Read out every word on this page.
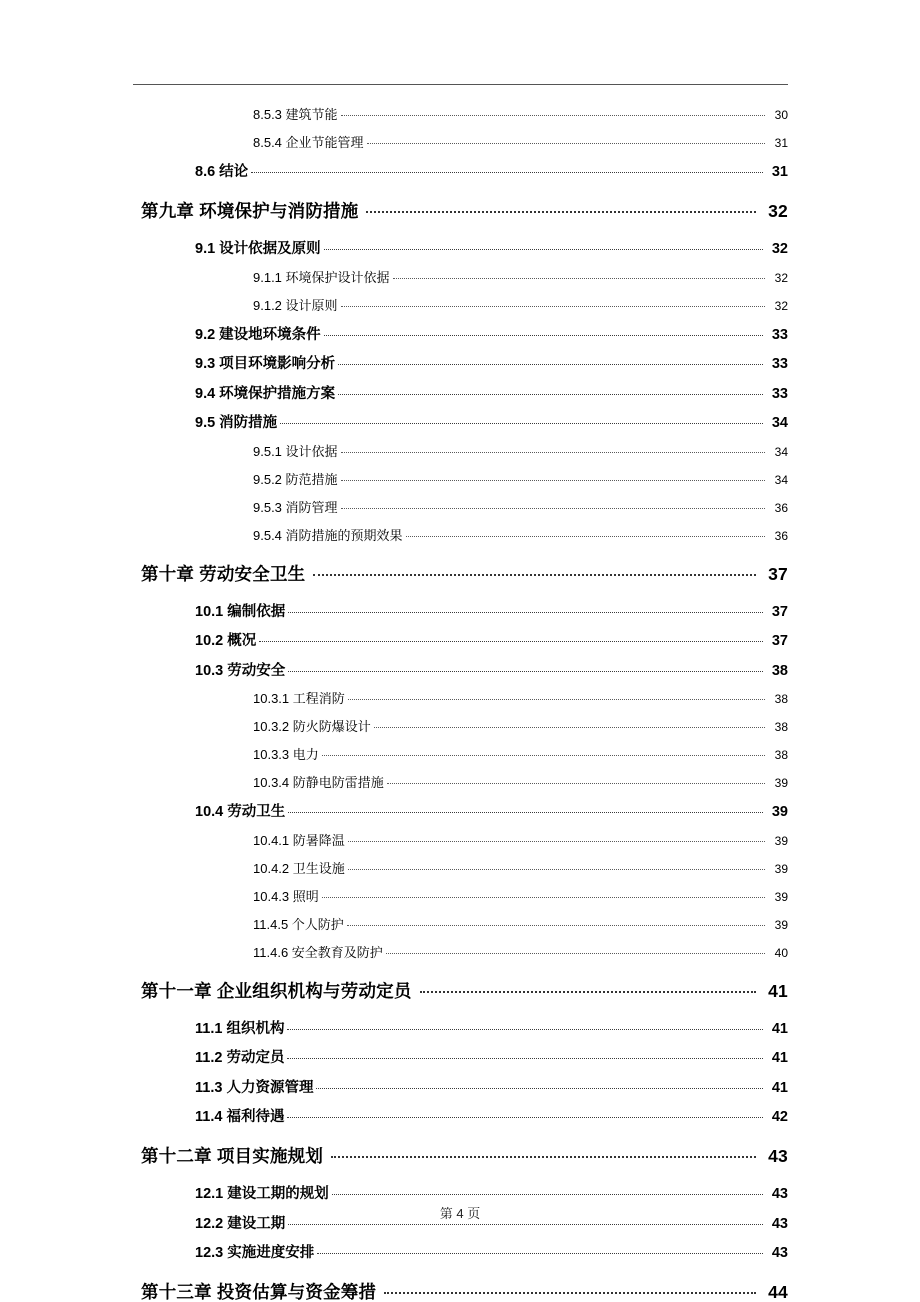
8.5.3 建筑节能	30
8.5.4 企业节能管理	31
8.6 结论	31
第九章 环境保护与消防措施	32
9.1 设计依据及原则	32
9.1.1 环境保护设计依据	32
9.1.2 设计原则	32
9.2 建设地环境条件	33
9.3 项目环境影响分析	33
9.4 环境保护措施方案	33
9.5 消防措施	34
9.5.1 设计依据	34
9.5.2 防范措施	34
9.5.3 消防管理	36
9.5.4 消防措施的预期效果	36
第十章 劳动安全卫生	37
10.1 编制依据	37
10.2 概况	37
10.3 劳动安全	38
10.3.1 工程消防	38
10.3.2 防火防爆设计	38
10.3.3 电力	38
10.3.4 防静电防雷措施	39
10.4 劳动卫生	39
10.4.1 防暑降温	39
10.4.2 卫生设施	39
10.4.3 照明	39
11.4.5 个人防护	39
11.4.6 安全教育及防护	40
第十一章 企业组织机构与劳动定员	41
11.1 组织机构	41
11.2 劳动定员	41
11.3 人力资源管理	41
11.4 福利待遇	42
第十二章 项目实施规划	43
12.1 建设工期的规划	43
12.2 建设工期	43
12.3 实施进度安排	43
第十三章 投资估算与资金筹措	44
第 4 页
